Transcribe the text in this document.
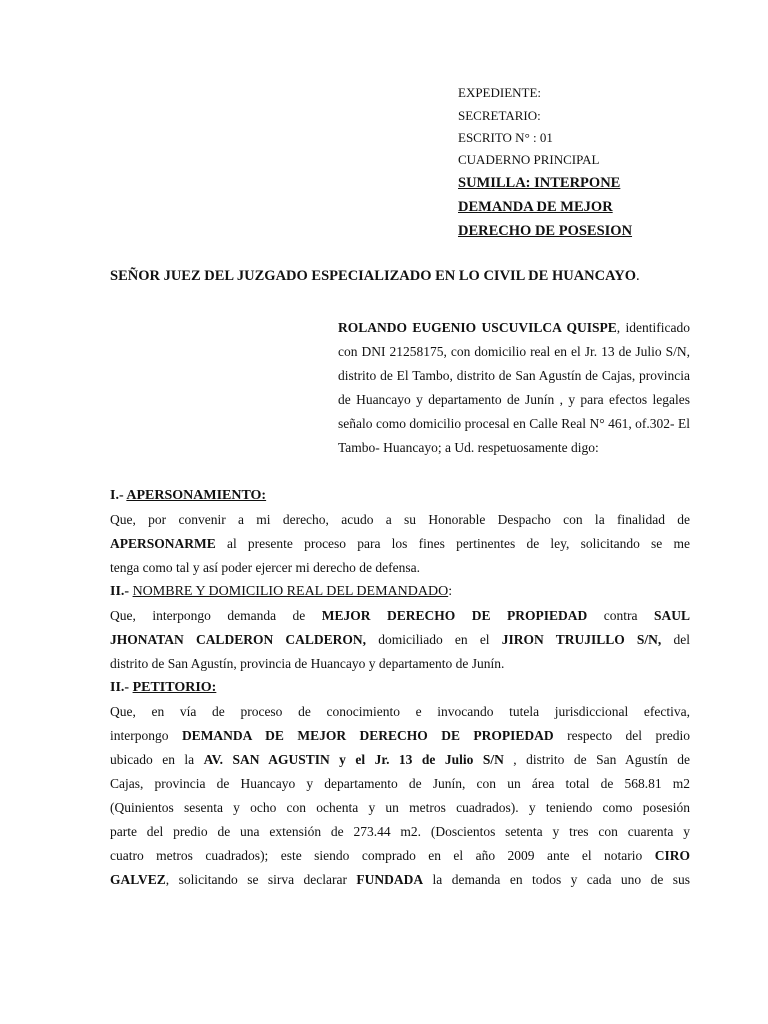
EXPEDIENTE:
SECRETARIO:
ESCRITO N° : 01
CUADERNO PRINCIPAL
SUMILLA: INTERPONE
DEMANDA DE MEJOR
DERECHO DE POSESION
SEÑOR JUEZ DEL JUZGADO ESPECIALIZADO EN LO CIVIL DE HUANCAYO.
ROLANDO EUGENIO USCUVILCA QUISPE, identificado con DNI 21258175, con domicilio real en el Jr. 13 de Julio S/N, distrito de El Tambo, distrito de San Agustín de Cajas, provincia de Huancayo y departamento de Junín , y para efectos legales señalo como domicilio procesal en Calle Real N° 461, of.302- El Tambo- Huancayo; a Ud. respetuosamente digo:
I.- APERSONAMIENTO:
Que, por convenir a mi derecho, acudo a su Honorable Despacho con la finalidad de
APERSONARME al presente proceso para los fines pertinentes de ley, solicitando se me
tenga como tal y así poder ejercer mi derecho de defensa.
II.- NOMBRE Y DOMICILIO REAL DEL DEMANDADO:
Que, interpongo demanda de MEJOR DERECHO DE PROPIEDAD contra SAUL
JHONATAN CALDERON CALDERON, domiciliado en el JIRON TRUJILLO S/N, del
distrito de San Agustín, provincia de Huancayo y departamento de Junín.
II.- PETITORIO:
Que, en vía de proceso de conocimiento e invocando tutela jurisdiccional efectiva,
interpongo DEMANDA DE MEJOR DERECHO DE PROPIEDAD respecto del predio
ubicado en la AV. SAN AGUSTIN y el Jr. 13 de Julio S/N , distrito de San Agustín de
Cajas, provincia de Huancayo y departamento de Junín, con un área total de 568.81 m2
(Quinientos sesenta y ocho con ochenta y un metros cuadrados). y teniendo como posesión
parte del predio de una extensión de 273.44 m2. (Doscientos setenta y tres con cuarenta y
cuatro metros cuadrados); este siendo comprado en el año 2009 ante el notario CIRO
GALVEZ, solicitando se sirva declarar FUNDADA la demanda en todos y cada uno de sus
